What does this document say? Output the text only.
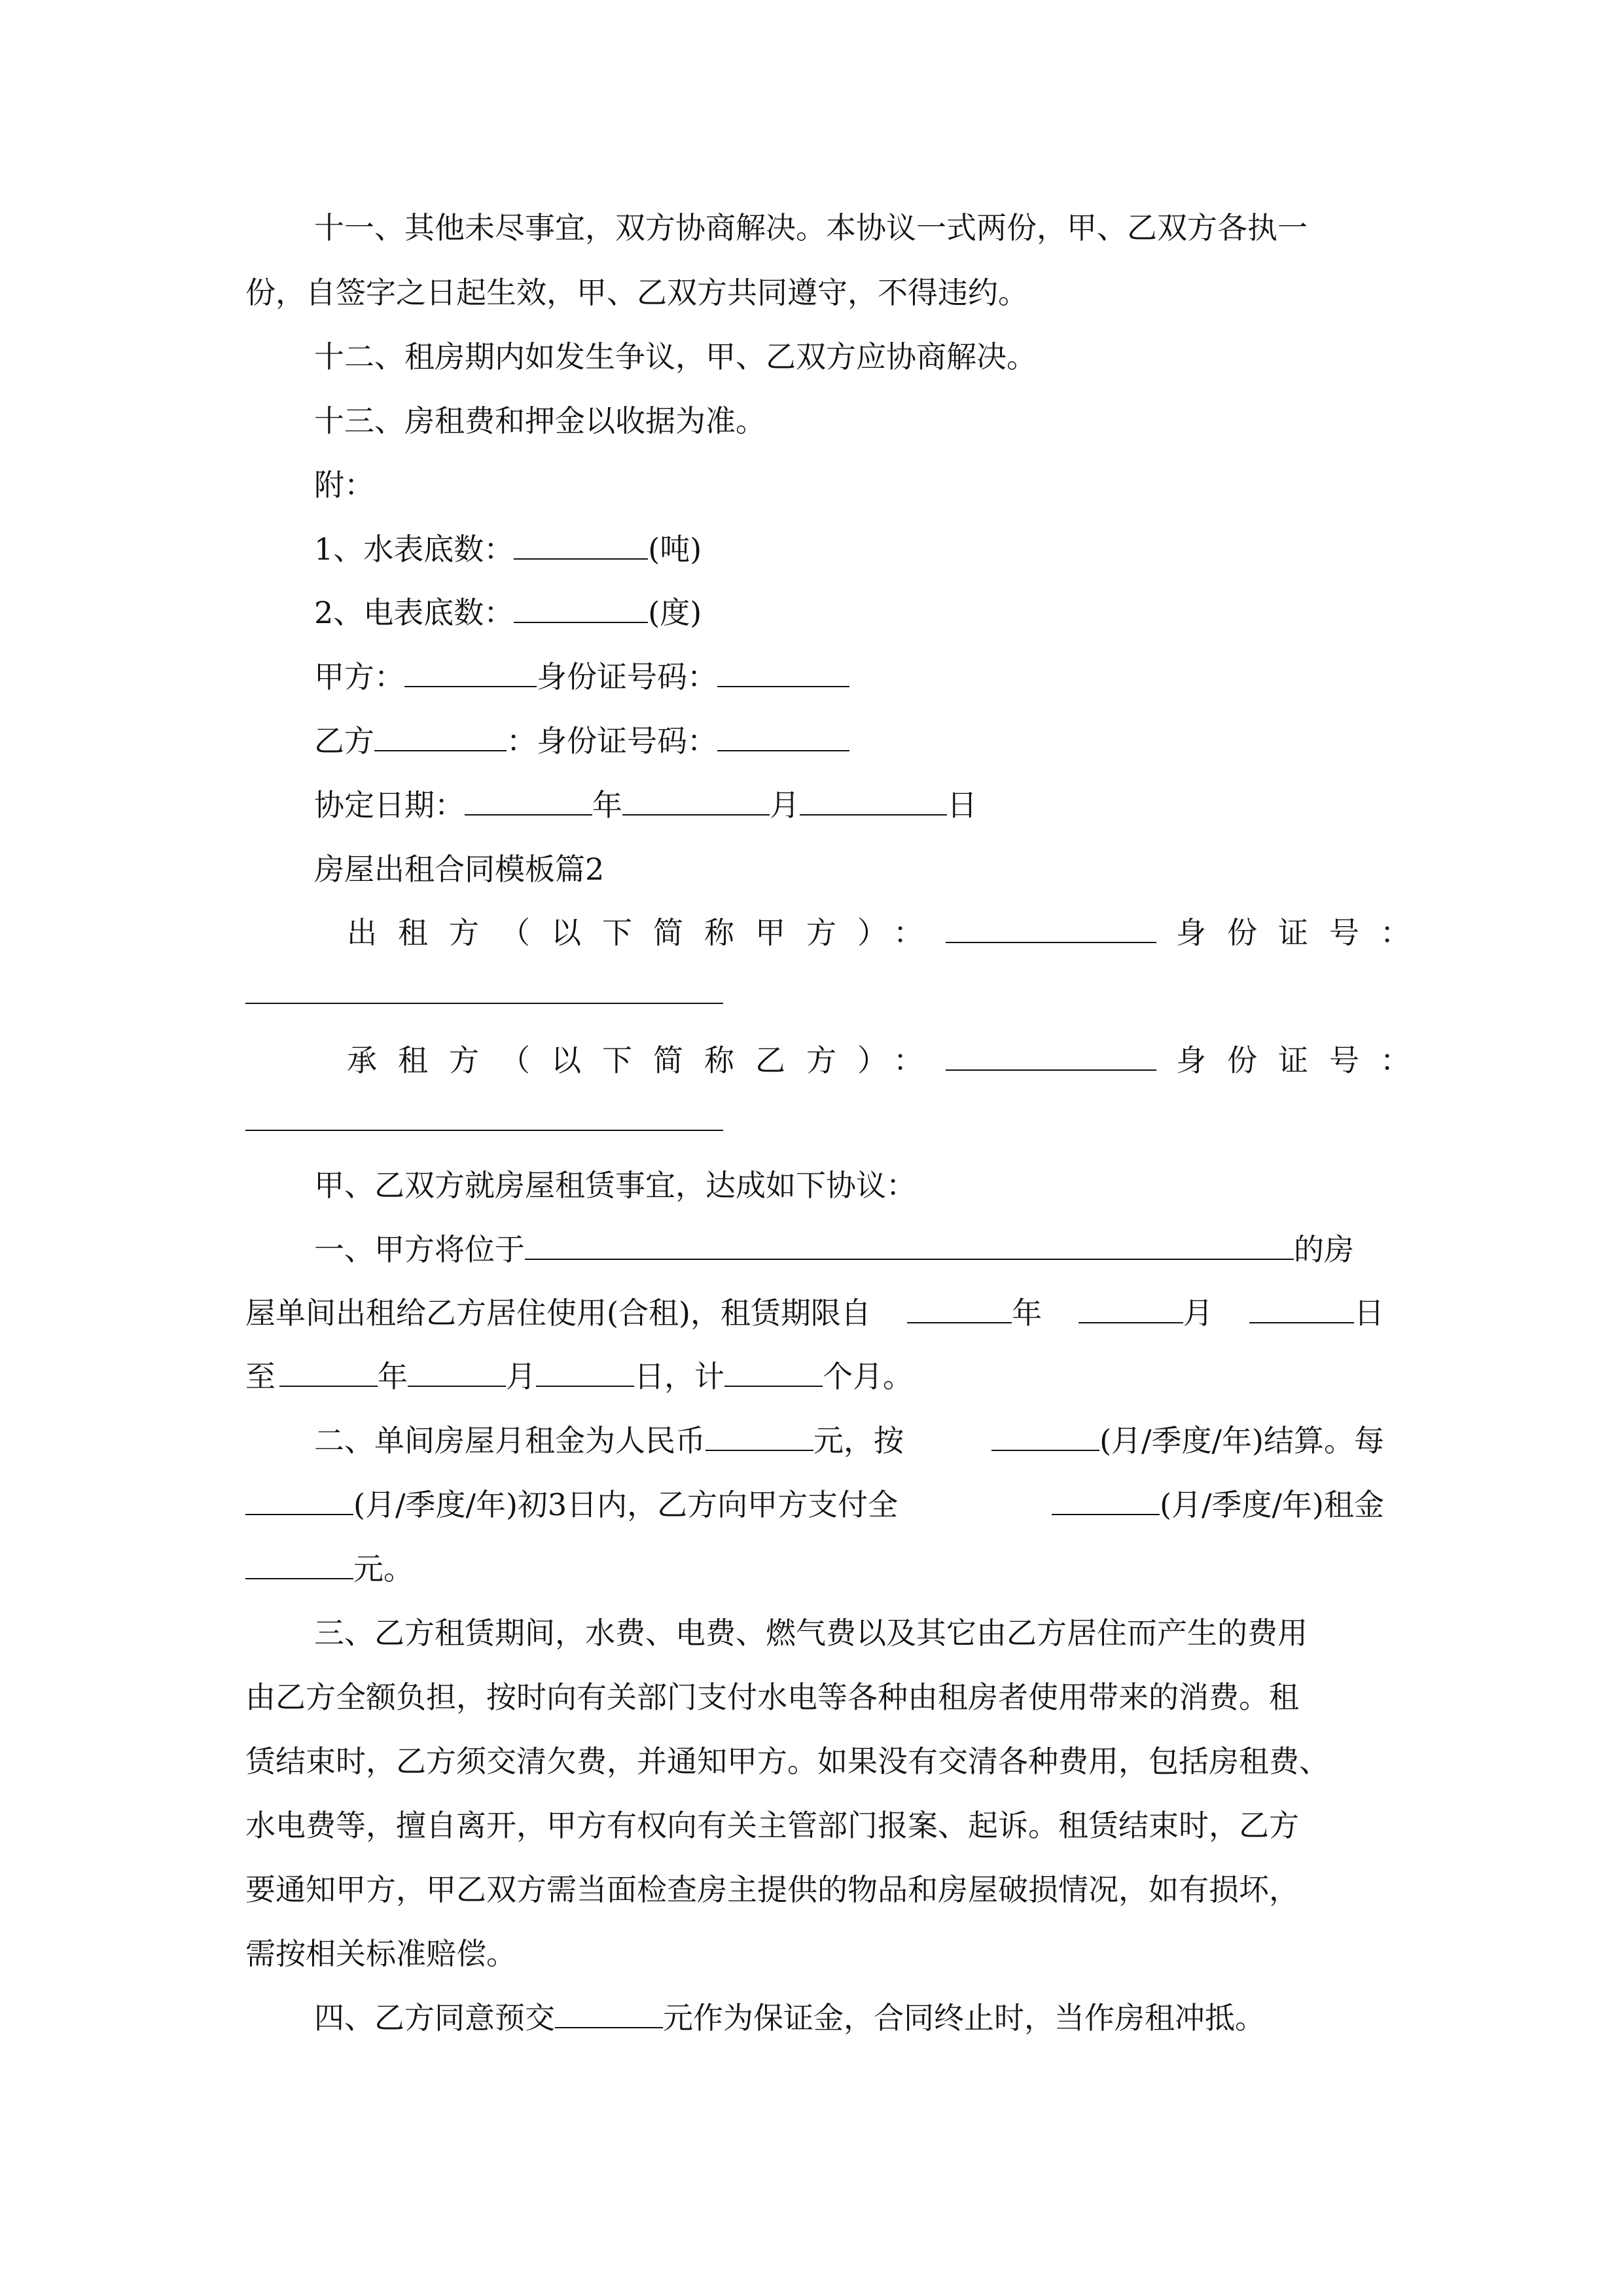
十一、其他未尽事宜，双方协商解决。本协议一式两份，甲、乙双方各执一
份，自签字之日起生效，甲、乙双方共同遵守，不得违约。
十二、租房期内如发生争议，甲、乙双方应协商解决。
十三、房租费和押金以收据为准。
附：
1、水表底数：	(吨)
2、电表底数：	(度)
甲方：	身份证号码：
乙方	：身份证号码：
协定日期：	年	月	日
房屋出租合同模板篇2
出租方（以下简称甲方）：	身份证号：
承租方（以下简称乙方）：	身份证号：
甲、乙双方就房屋租赁事宜，达成如下协议：
一、甲方将位于	的房
屋单间出租给乙方居住使用(合租)，租赁期限自	年	月	日
至	年	月	日，计	个月。
二、单间房屋月租金为人民币	元，按	(月/季度/年)结算。每
(月/季度/年)初3日内，乙方向甲方支付全	(月/季度/年)租金
元。
三、乙方租赁期间，水费、电费、燃气费以及其它由乙方居住而产生的费用
由乙方全额负担，按时向有关部门支付水电等各种由租房者使用带来的消费。租
赁结束时，乙方须交清欠费，并通知甲方。如果没有交清各种费用，包括房租费、
水电费等，擅自离开，甲方有权向有关主管部门报案、起诉。租赁结束时，乙方
要通知甲方，甲乙双方需当面检查房主提供的物品和房屋破损情况，如有损坏，
需按相关标准赔偿。
四、乙方同意预交	元作为保证金，合同终止时，当作房租冲抵。
